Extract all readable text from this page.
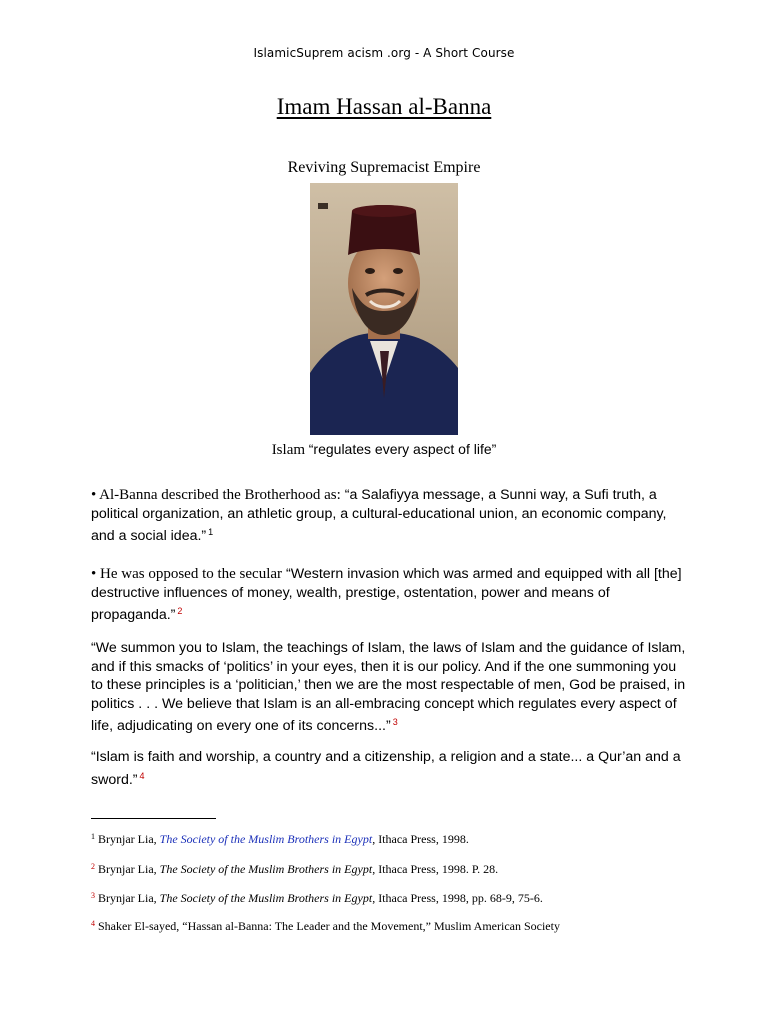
IslamicSuprem acism .org - A Short Course
Imam Hassan al-Banna
Reviving Supremacist Empire
Islam “regulates every aspect of life”
• Al-Banna described the Brotherhood as: “a Salafiyya message, a Sunni way, a Sufi truth, a political organization, an athletic group, a cultural-educational union, an economic company, and a social idea.” $^1$
• He was opposed to the secular “Western invasion which was armed and equipped with all [the] destructive influences of money, wealth, prestige, ostentation, power and means of propaganda.” $^2$
“We summon you to Islam, the teachings of Islam, the laws of Islam and the guidance of Islam, and if this smacks of ‘politics’ in your eyes, then it is our policy. And if the one summoning you to these principles is a ‘politician,’ then we are the most respectable of men, God be praised, in politics . . . We believe that Islam is an all-embracing concept which regulates every aspect of life, adjudicating on every one of its concerns...” $^3$
“Islam is faith and worship, a country and a citizenship, a religion and a state... a Qur’an and a sword.” $^4$
$^1$ Brynjar Lia, The Society of the Muslim Brothers in Egypt, Ithaca Press, 1998.
$^2$ Brynjar Lia, The Society of the Muslim Brothers in Egypt, Ithaca Press, 1998. P. 28.
$^3$ Brynjar Lia, The Society of the Muslim Brothers in Egypt, Ithaca Press, 1998, pp. 68-9, 75-6.
$^4$ Shaker El-sayed, “Hassan al-Banna: The Leader and the Movement,” Muslim American Society
